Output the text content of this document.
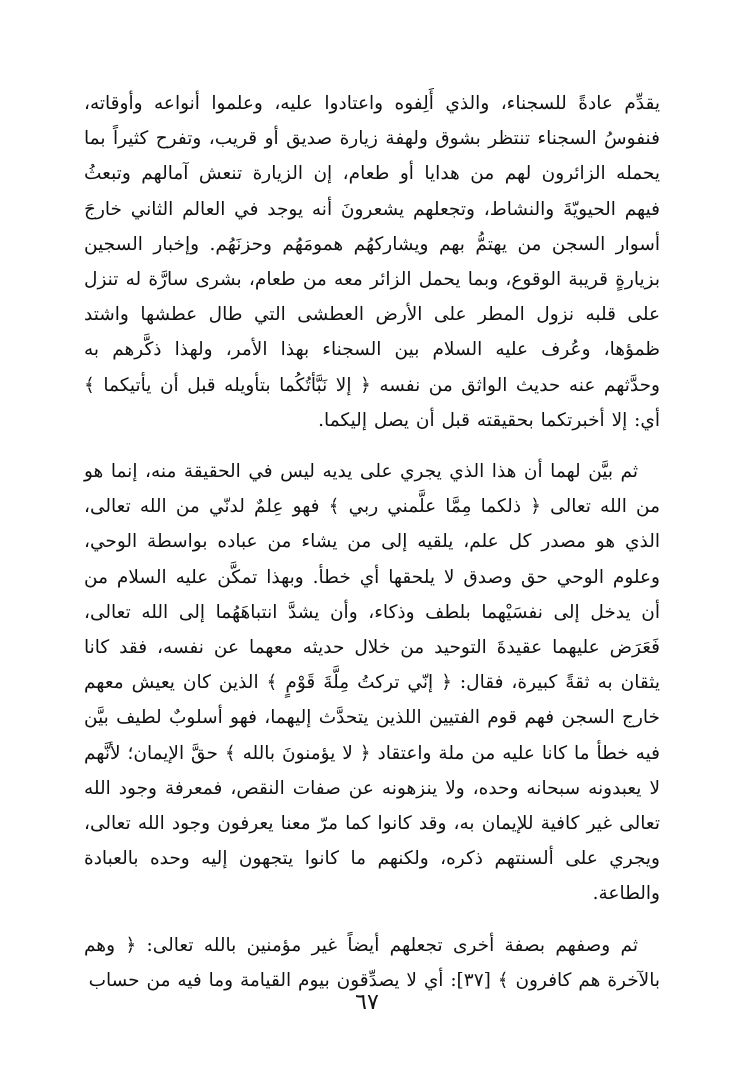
يقدِّم عادةً للسجناء، والذي أَلِفوه واعتادوا عليه، وعلموا أنواعه وأوقاته، فنفوسُ السجناء تنتظر بشوق ولهفة زيارة صديق أو قريب، وتفرح كثيراً بما يحمله الزائرون لهم من هدايا أو طعام، إن الزيارة تنعش آمالهم وتبعثُ فيهم الحيويّةَ والنشاط، وتجعلهم يشعرونَ أنه يوجد في العالم الثاني خارجَ أسوار السجن من يهتمُّ بهم ويشاركهُم همومَهُم وحزنَهُم. وإخبار السجين بزيارةٍ قريبة الوقوع، وبما يحمل الزائر معه من طعام، بشرى سارَّة له تنزل على قلبه نزول المطر على الأرض العطشى التي طال عطشها واشتد ظمؤها، وعُرف عليه السلام بين السجناء بهذا الأمر، ولهذا ذكَّرهم به وحدَّثهم عنه حديث الواثق من نفسه ﴿ إلا نَبَّأتُكُما بتأويله قبل أن يأتيكما ﴾ أي: إلا أخبرتكما بحقيقته قبل أن يصل إليكما.

ثم بيَّن لهما أن هذا الذي يجري على يديه ليس في الحقيقة منه، إنما هو من الله تعالى ﴿ ذلكما مِمَّا علَّمني ربي ﴾ فهو عِلمٌ لدنّي من الله تعالى، الذي هو مصدر كل علم، يلقيه إلى من يشاء من عباده بواسطة الوحي، وعلوم الوحي حق وصدق لا يلحقها أي خطأ. وبهذا تمكَّن عليه السلام من أن يدخل إلى نفسَيْهما بلطف وذكاء، وأن يشدَّ انتباهَهُما إلى الله تعالى، فَعَرَض عليهما عقيدةَ التوحيد من خلال حديثه معهما عن نفسه، فقد كانا يثقان به ثقةً كبيرة، فقال: ﴿ إنّي تركتُ مِلَّةَ قَوْمٍ ﴾ الذين كان يعيش معهم خارج السجن فهم قوم الفتيين اللذين يتحدَّث إليهما، فهو أسلوبٌ لطيف بيَّن فيه خطأ ما كانا عليه من ملة واعتقاد ﴿ لا يؤمنونَ بالله ﴾ حقَّ الإيمان؛ لأنَّهم لا يعبدونه سبحانه وحده، ولا ينزهونه عن صفات النقص، فمعرفة وجود الله تعالى غير كافية للإيمان به، وقد كانوا كما مرّ معنا يعرفون وجود الله تعالى، ويجري على ألسنتهم ذكره، ولكنهم ما كانوا يتجهون إليه وحده بالعبادة والطاعة.

ثم وصفهم بصفة أخرى تجعلهم أيضاً غير مؤمنين بالله تعالى: ﴿ وهم بالآخرة هم كافرون ﴾ [٣٧]: أي لا يصدِّقون بيوم القيامة وما فيه من حساب

٦٧
